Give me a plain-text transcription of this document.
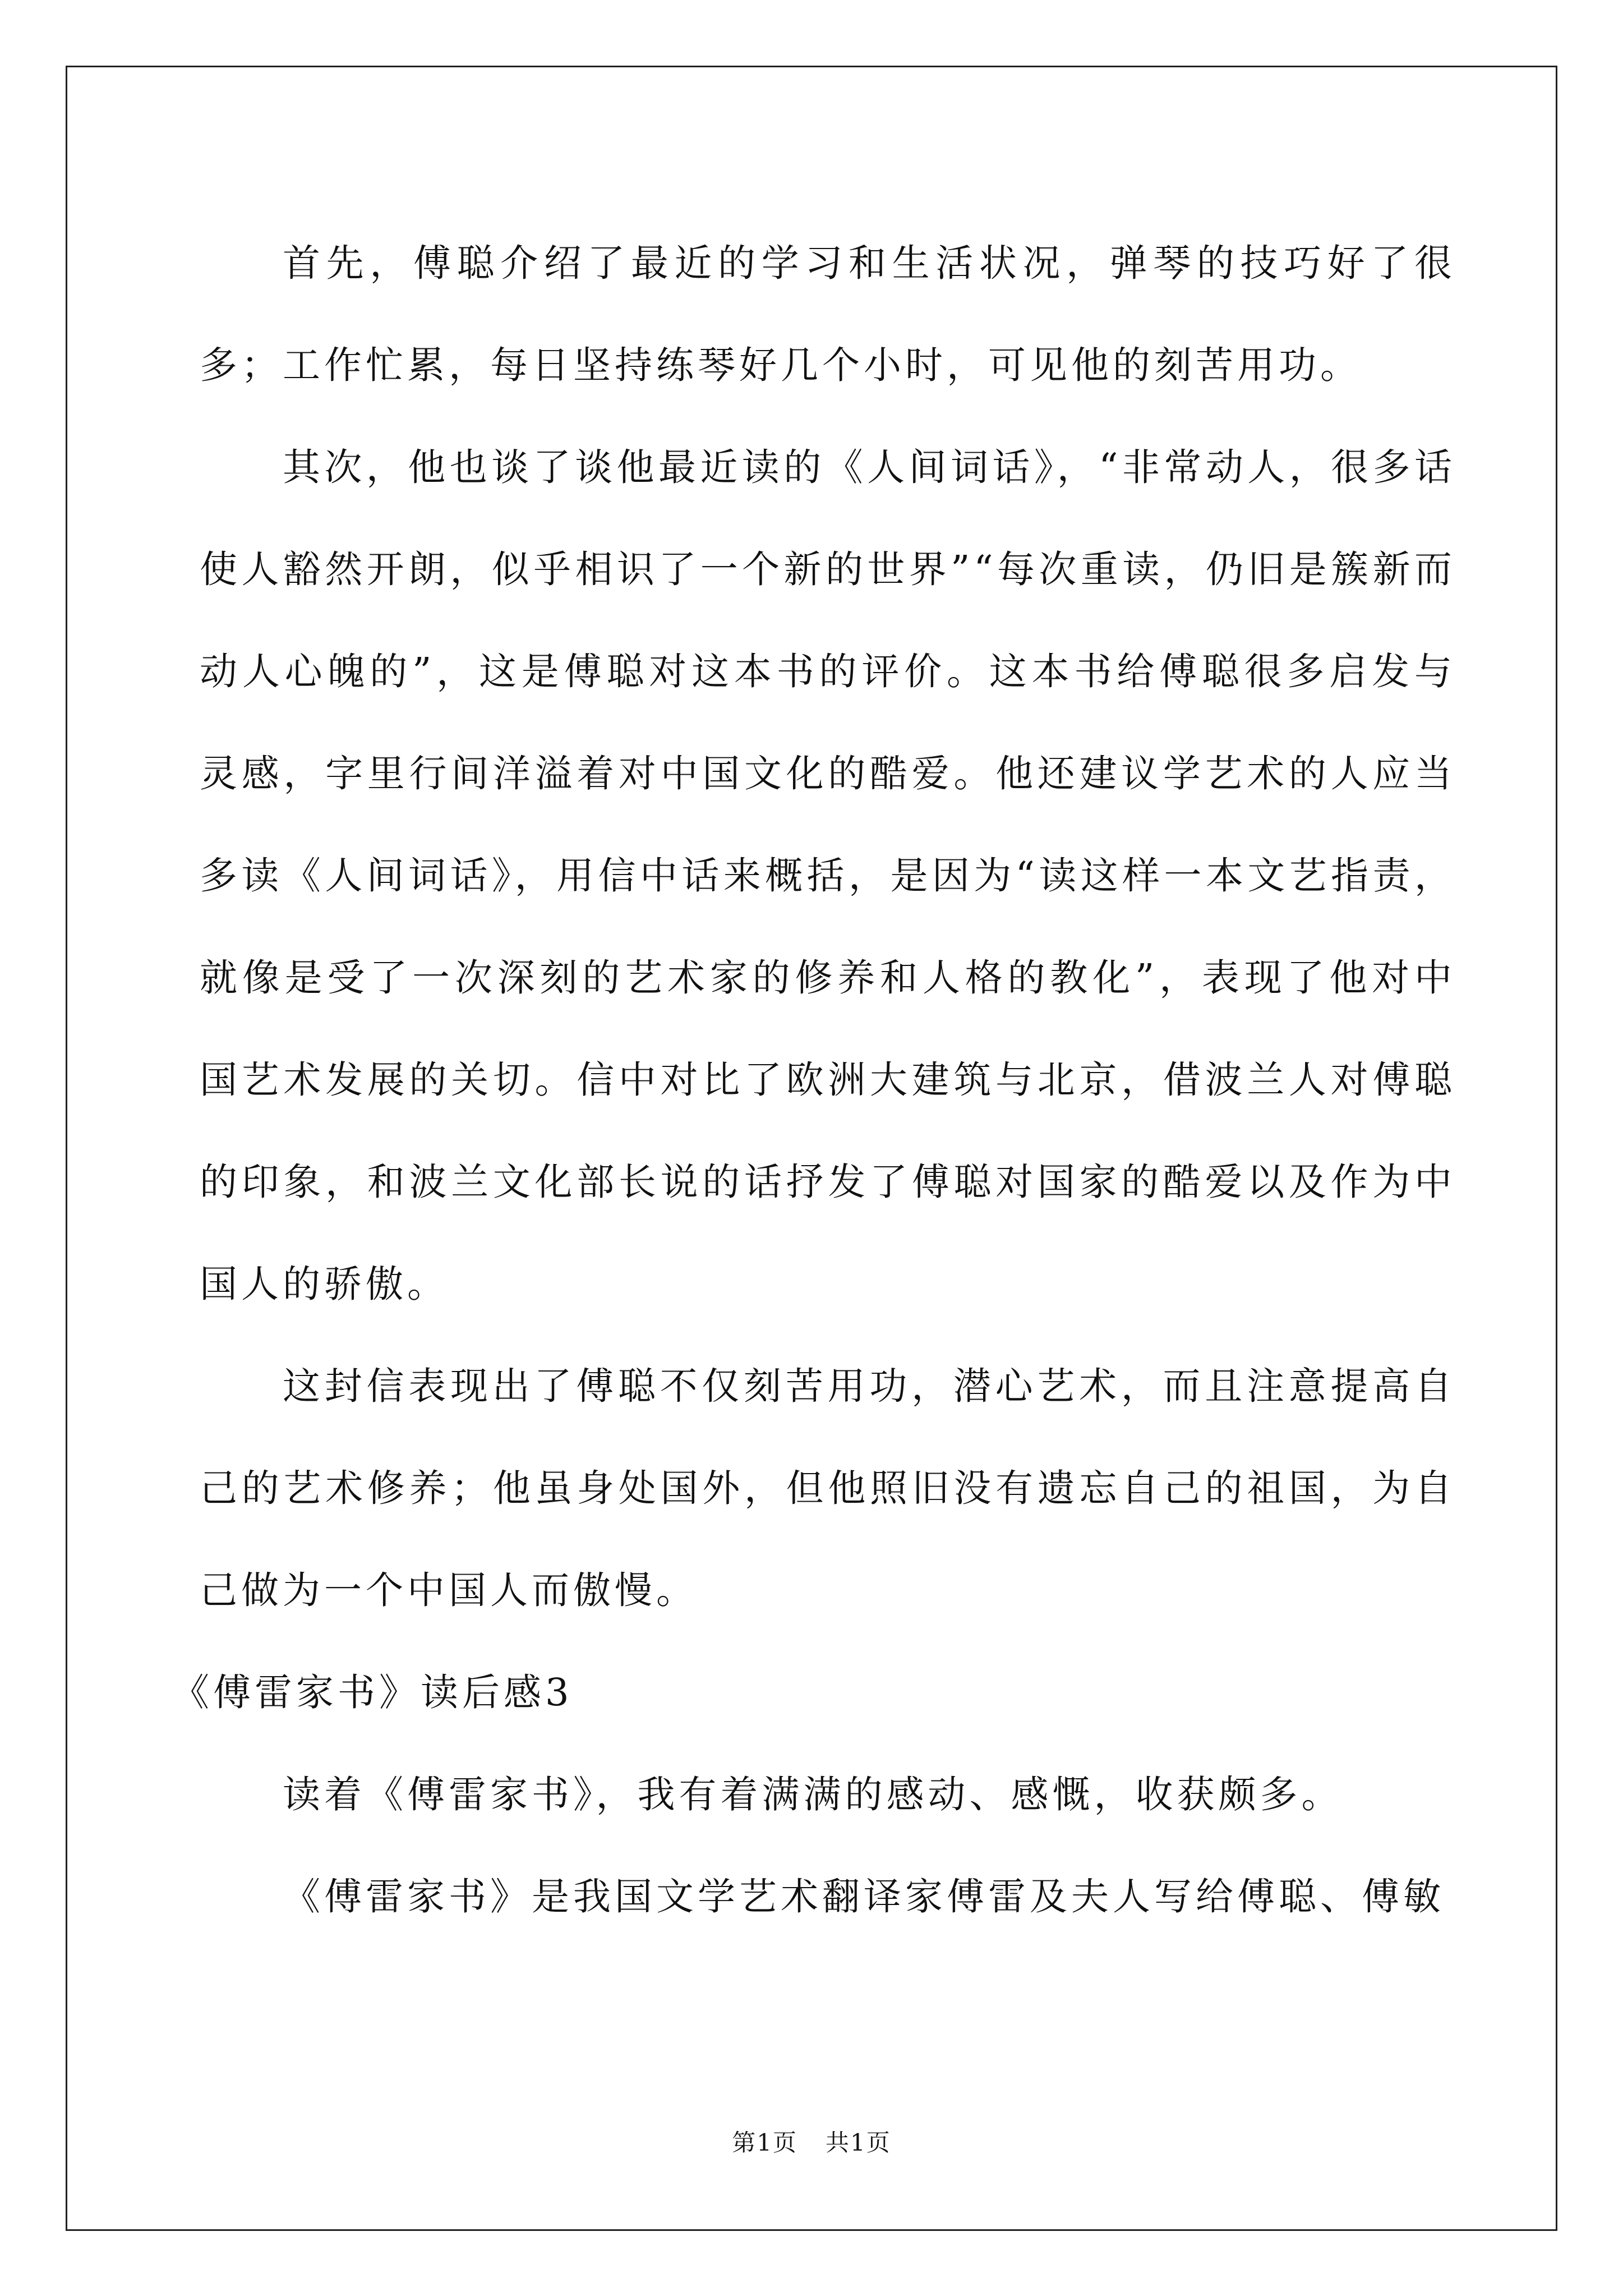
首先，傅聪介绍了最近的学习和生活状况，弹琴的技巧好了很多；工作忙累，每日坚持练琴好几个小时，可见他的刻苦用功。

其次，他也谈了谈他最近读的《人间词话》，“非常动人，很多话使人豁然开朗，似乎相识了一个新的世界”“每次重读，仍旧是簇新而动人心魄的”，这是傅聪对这本书的评价。这本书给傅聪很多启发与灵感，字里行间洋溢着对中国文化的酷爱。他还建议学艺术的人应当多读《人间词话》，用信中话来概括，是因为“读这样一本文艺指责，就像是受了一次深刻的艺术家的修养和人格的教化”，表现了他对中国艺术发展的关切。信中对比了欧洲大建筑与北京，借波兰人对傅聪的印象，和波兰文化部长说的话抒发了傅聪对国家的酷爱以及作为中国人的骄傲。

这封信表现出了傅聪不仅刻苦用功，潜心艺术，而且注意提高自己的艺术修养；他虽身处国外，但他照旧没有遗忘自己的祖国，为自己做为一个中国人而傲慢。

《傅雷家书》读后感3

读着《傅雷家书》，我有着满满的感动、感慨，收获颇多。

《傅雷家书》是我国文学艺术翻译家傅雷及夫人写给傅聪、傅敏

第1页 共1页
